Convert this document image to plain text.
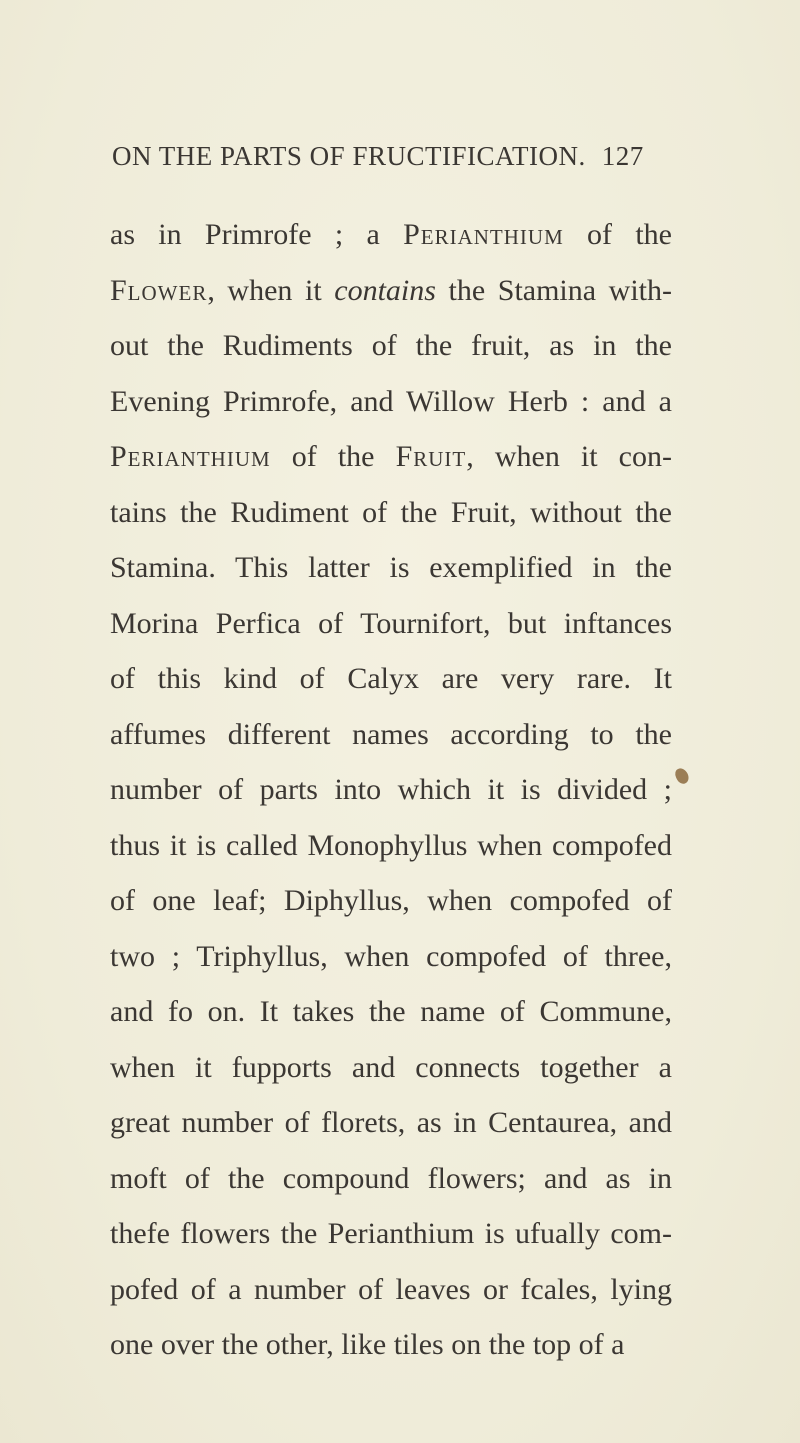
ON THE PARTS OF FRUCTIFICATION. 127
as in Primrofe ; a Perianthium of the
Flower, when it contains the Stamina with-
out the Rudiments of the fruit, as in the
Evening Primrofe, and Willow Herb : and a
Perianthium of the Fruit, when it con-
tains the Rudiment of the Fruit, without the
Stamina. This latter is exemplified in the
Morina Perfica of Tournifort, but inftances
of this kind of Calyx are very rare. It
affumes different names according to the
number of parts into which it is divided ;
thus it is called Monophyllus when compofed
of one leaf; Diphyllus, when compofed of
two ; Triphyllus, when compofed of three,
and fo on. It takes the name of Commune,
when it fupports and connects together a
great number of florets, as in Centaurea, and
moft of the compound flowers; and as in
thefe flowers the Perianthium is ufually com-
pofed of a number of leaves or fcales, lying
one over the other, like tiles on the top of a
